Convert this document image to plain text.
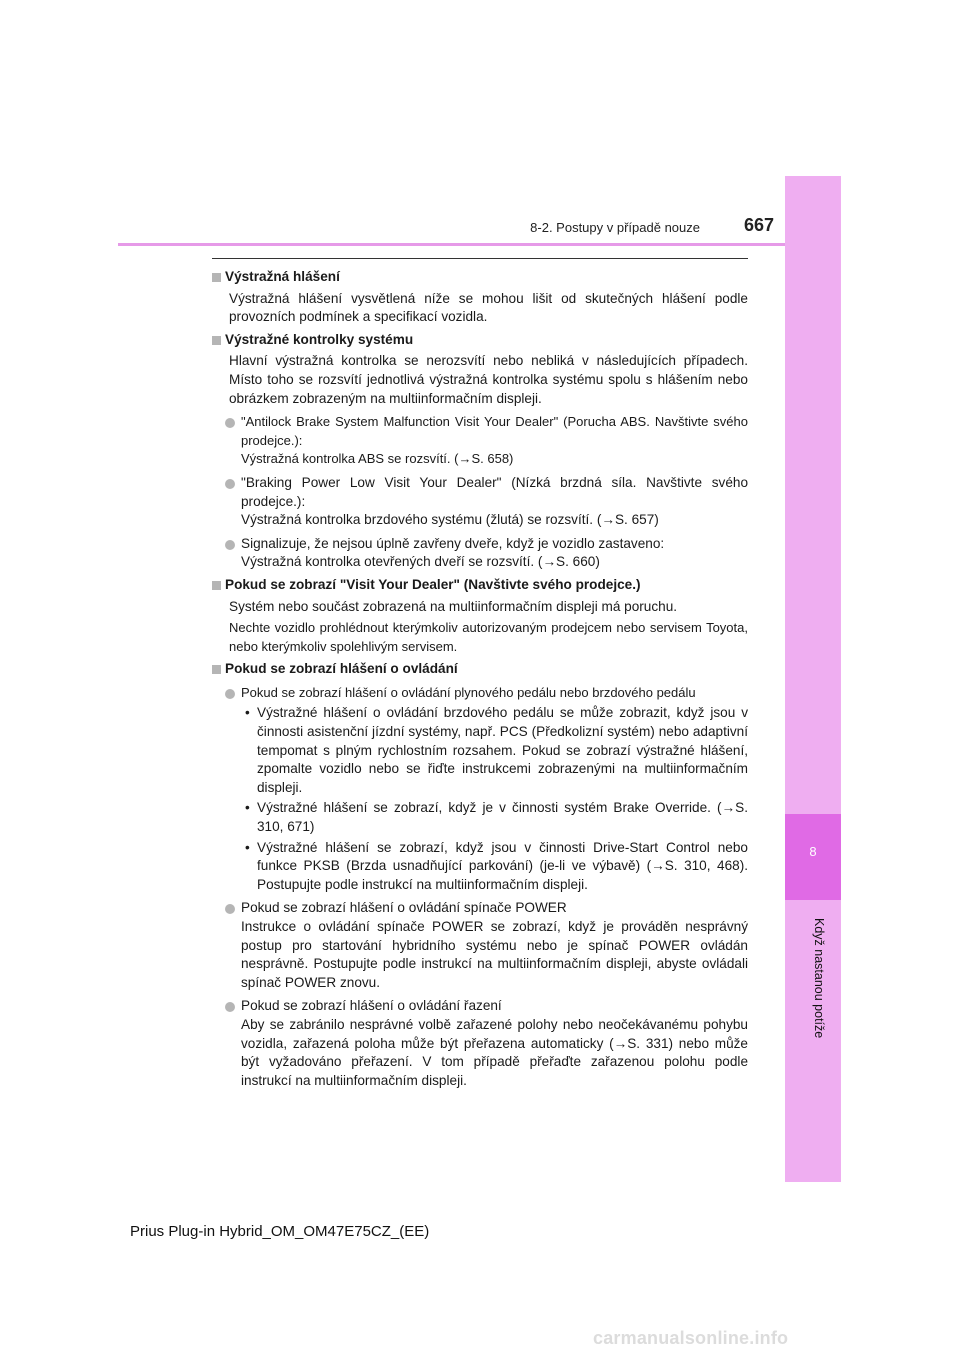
8
Když nastanou potíže
8-2. Postupy v případě nouze	667
Výstražná hlášení
Výstražná hlášení vysvětlená níže se mohou lišit od skutečných hlášení podle provozních podmínek a specifikací vozidla.
Výstražné kontrolky systému
Hlavní výstražná kontrolka se nerozsvítí nebo nebliká v následujících případech. Místo toho se rozsvítí jednotlivá výstražná kontrolka systému spolu s hlášením nebo obrázkem zobrazeným na multiinformačním displeji.
"Antilock Brake System Malfunction Visit Your Dealer" (Porucha ABS. Navštivte svého prodejce.):
Výstražná kontrolka ABS se rozsvítí. (→S. 658)
"Braking Power Low Visit Your Dealer" (Nízká brzdná síla. Navštivte svého prodejce.):
Výstražná kontrolka brzdového systému (žlutá) se rozsvítí. (→S. 657)
Signalizuje, že nejsou úplně zavřeny dveře, když je vozidlo zastaveno:
Výstražná kontrolka otevřených dveří se rozsvítí. (→S. 660)
Pokud se zobrazí "Visit Your Dealer" (Navštivte svého prodejce.)
Systém nebo součást zobrazená na multiinformačním displeji má poruchu.
Nechte vozidlo prohlédnout kterýmkoliv autorizovaným prodejcem nebo servisem Toyota, nebo kterýmkoliv spolehlivým servisem.
Pokud se zobrazí hlášení o ovládání
Pokud se zobrazí hlášení o ovládání plynového pedálu nebo brzdového pedálu
• Výstražné hlášení o ovládání brzdového pedálu se může zobrazit, když jsou v činnosti asistenční jízdní systémy, např. PCS (Předkolizní systém) nebo adaptivní tempomat s plným rychlostním rozsahem. Pokud se zobrazí výstražné hlášení, zpomalte vozidlo nebo se řiďte instrukcemi zobrazenými na multiinformačním displeji.
• Výstražné hlášení se zobrazí, když je v činnosti systém Brake Override. (→S. 310, 671)
• Výstražné hlášení se zobrazí, když jsou v činnosti Drive-Start Control nebo funkce PKSB (Brzda usnadňující parkování) (je-li ve výbavě) (→S. 310, 468). Postupujte podle instrukcí na multiinformačním displeji.
Pokud se zobrazí hlášení o ovládání spínače POWER
Instrukce o ovládání spínače POWER se zobrazí, když je prováděn nesprávný postup pro startování hybridního systému nebo je spínač POWER ovládán nesprávně. Postupujte podle instrukcí na multiinformačním displeji, abyste ovládali spínač POWER znovu.
Pokud se zobrazí hlášení o ovládání řazení
Aby se zabránilo nesprávné volbě zařazené polohy nebo neočekávanému pohybu vozidla, zařazená poloha může být přeřazena automaticky (→S. 331) nebo může být vyžadováno přeřazení. V tom případě přeřaďte zařazenou polohu podle instrukcí na multiinformačním displeji.
Prius Plug-in Hybrid_OM_OM47E75CZ_(EE)
carmanualsonline.info
